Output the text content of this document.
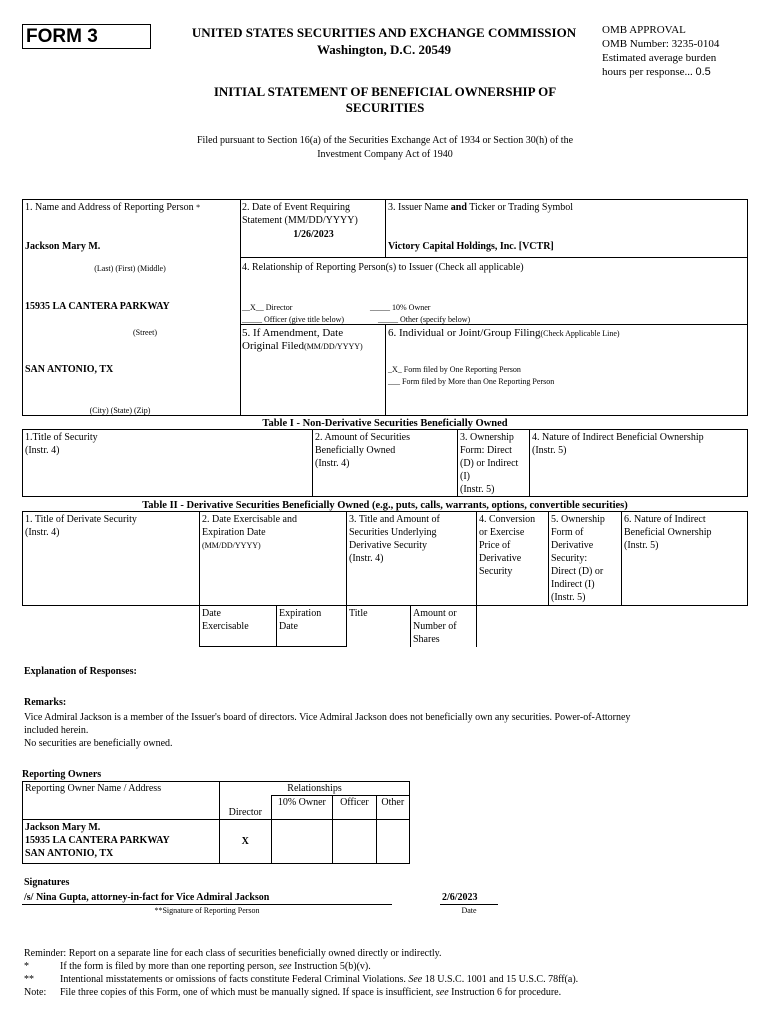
FORM 3	UNITED STATES SECURITIES AND EXCHANGE COMMISSION
Washington, D.C. 20549
OMB APPROVAL
OMB Number: 3235-0104
Estimated average burden
hours per response... 0.5
INITIAL STATEMENT OF BENEFICIAL OWNERSHIP OF
SECURITIES
Filed pursuant to Section 16(a) of the Securities Exchange Act of 1934 or Section 30(h) of the
Investment Company Act of 1940
1. Name and Address of Reporting Person *
Jackson Mary M.
(Last) (First) (Middle)
15935 LA CANTERA PARKWAY
(Street)
SAN ANTONIO, TX
(City) (State) (Zip)
2. Date of Event Requiring
Statement (MM/DD/YYYY)
1/26/2023
3. Issuer Name and Ticker or Trading Symbol
Victory Capital Holdings, Inc. [VCTR]
4. Relationship of Reporting Person(s) to Issuer (Check all applicable)
__X__ Director	_____ 10% Owner
_____ Officer (give title below)	_____ Other (specify below)
5. If Amendment, Date
Original Filed(MM/DD/YYYY)
6. Individual or Joint/Group Filing(Check Applicable Line)
_X_ Form filed by One Reporting Person
___ Form filed by More than One Reporting Person
Table I - Non-Derivative Securities Beneficially Owned
1.Title of Security
(Instr. 4)
2. Amount of Securities
Beneficially Owned
(Instr. 4)
3. Ownership
Form: Direct
(D) or Indirect
(I)
(Instr. 5)
4. Nature of Indirect Beneficial Ownership
(Instr. 5)
Table II - Derivative Securities Beneficially Owned (e.g., puts, calls, warrants, options, convertible securities)
1. Title of Derivate Security
(Instr. 4)
2. Date Exercisable and
Expiration Date
(MM/DD/YYYY)
3. Title and Amount of
Securities Underlying
Derivative Security
(Instr. 4)
4. Conversion
or Exercise
Price of
Derivative
Security
5. Ownership
Form of
Derivative
Security:
Direct (D) or
Indirect (I)
(Instr. 5)
6. Nature of Indirect
Beneficial Ownership
(Instr. 5)
Date
Exercisable
Expiration
Date
Title	Amount or
Number of
Shares
Explanation of Responses:
Remarks:
Vice Admiral Jackson is a member of the Issuer's board of directors. Vice Admiral Jackson does not beneficially own any securities. Power-of-Attorney
included herein.
No securities are beneficially owned.
Reporting Owners
Reporting Owner Name / Address	Relationships			
	Director	10% Owner	Officer	Other

Jackson Mary M.
15935 LA CANTERA PARKWAY
SAN ANTONIO, TX	X			
Signatures
/s/ Nina Gupta, attorney-in-fact for Vice Admiral Jackson
**Signature of Reporting Person
2/6/2023
Date
Reminder: Report on a separate line for each class of securities beneficially owned directly or indirectly.
*	If the form is filed by more than one reporting person, see Instruction 5(b)(v).
**	Intentional misstatements or omissions of facts constitute Federal Criminal Violations. See 18 U.S.C. 1001 and 15 U.S.C. 78ff(a).
Note: File three copies of this Form, one of which must be manually signed. If space is insufficient, see Instruction 6 for procedure.
